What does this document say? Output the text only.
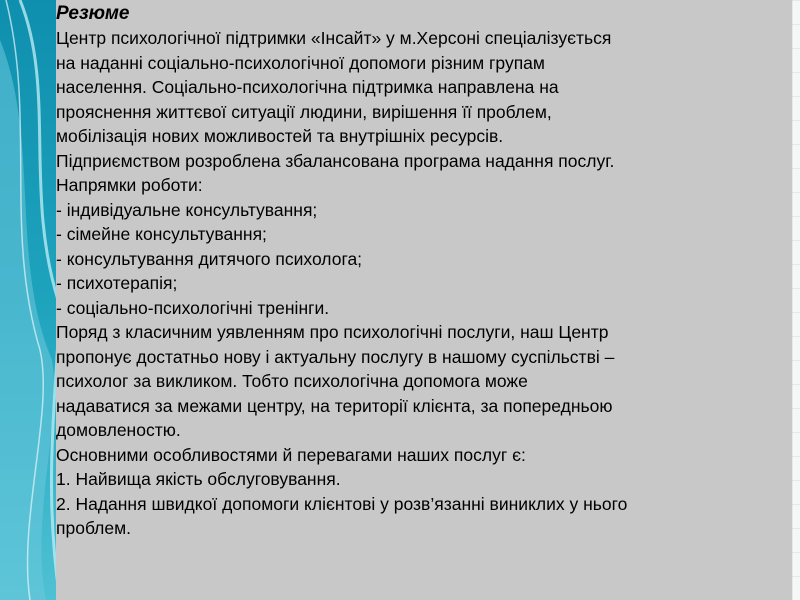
Резюме
Центр психологічної підтримки «Інсайт» у м.Херсоні спеціалізується
на наданні соціально-психологічної допомоги різним групам
населення. Соціально-психологічна підтримка направлена на
прояснення життєвої ситуації людини, вирішення її проблем,
мобілізація нових можливостей та внутрішніх ресурсів.
Підприємством розроблена збалансована програма надання послуг.
Напрямки роботи:
- індивідуальне консультування;
- сімейне консультування;
- консультування дитячого психолога;
- психотерапія;
- соціально-психологічні тренінги.
Поряд з класичним уявленням про психологічні послуги, наш Центр
пропонує достатньо нову і актуальну послугу в нашому суспільстві –
психолог за викликом. Тобто психологічна допомога може
надаватися за межами центру, на території клієнта, за попередньою
домовленостю.
Основними особливостями й перевагами наших послуг є:
1. Найвища якість обслуговування.
2. Надання швидкої допомоги клієнтові у розв’язанні виниклих у нього
проблем.
